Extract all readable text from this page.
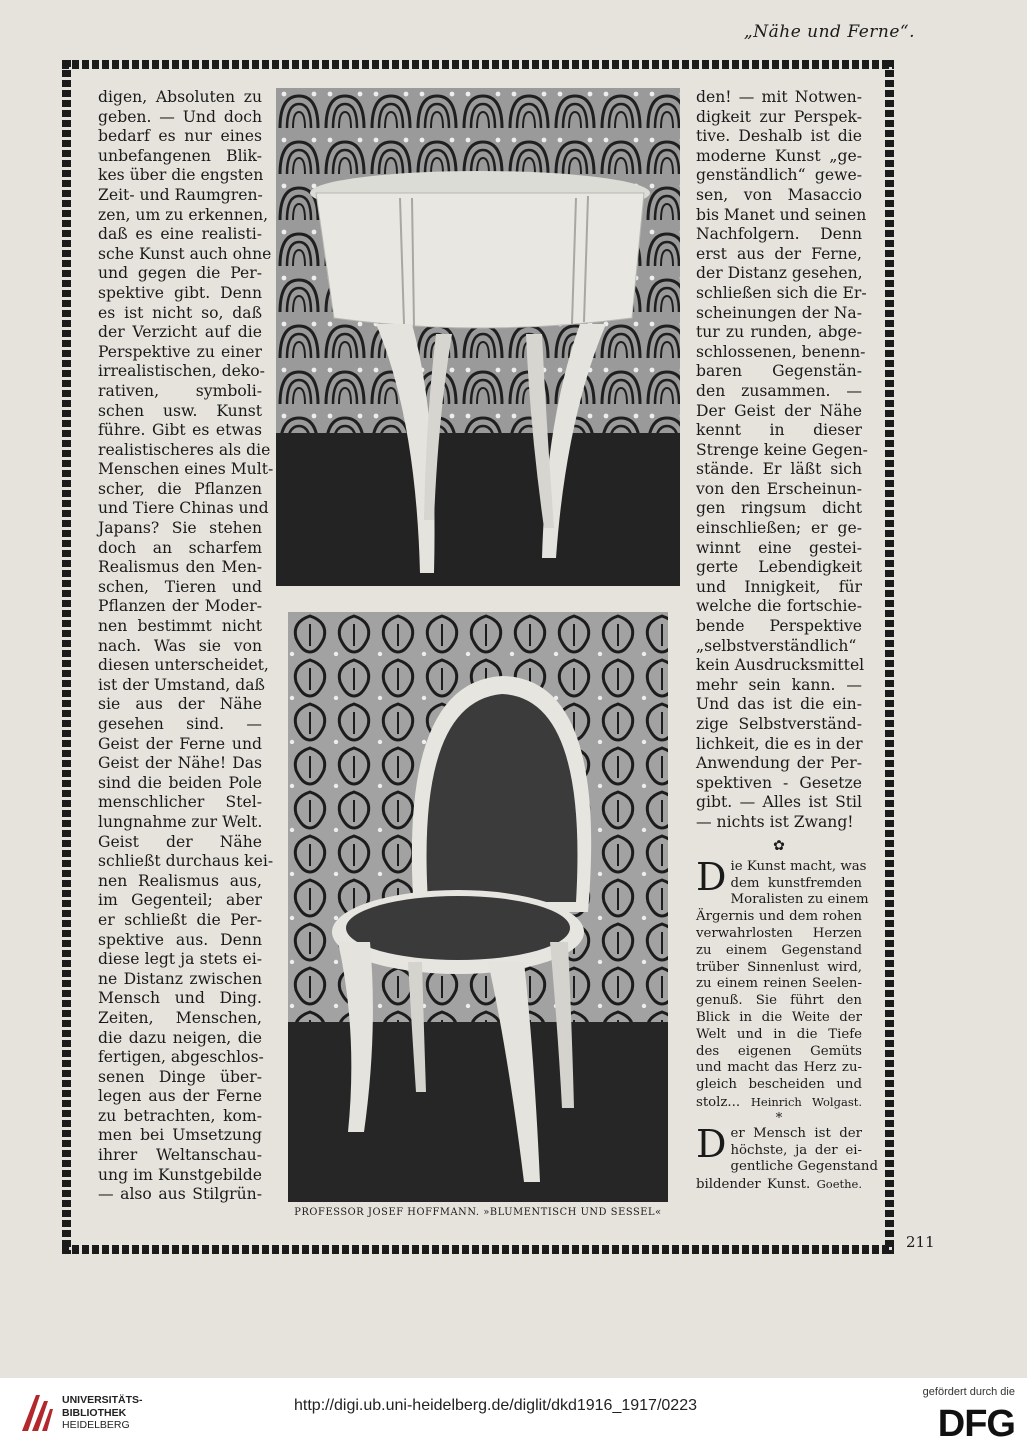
„Nähe und Ferne“.
digen, Absoluten zu
geben. — Und doch
bedarf es nur eines
unbefangenen Blik-
kes über die engsten
Zeit- und Raumgren-
zen, um zu erkennen,
daß es eine realisti-
sche Kunst auch ohne
und gegen die Per-
spektive gibt. Denn
es ist nicht so, daß
der Verzicht auf die
Perspektive zu einer
irrealistischen, deko-
rativen, symboli-
schen usw. Kunst
führe. Gibt es etwas
realistischeres als die
Menschen eines Mult-
scher, die Pflanzen
und Tiere Chinas und
Japans? Sie stehen
doch an scharfem
Realismus den Men-
schen, Tieren und
Pflanzen der Moder-
nen bestimmt nicht
nach. Was sie von
diesen unterscheidet,
ist der Umstand, daß
sie aus der Nähe
gesehen sind. —
Geist der Ferne und
Geist der Nähe! Das
sind die beiden Pole
menschlicher Stel-
lungnahme zur Welt.
Geist der Nähe
schließt durchaus kei-
nen Realismus aus,
im Gegenteil; aber
er schließt die Per-
spektive aus. Denn
diese legt ja stets ei-
ne Distanz zwischen
Mensch und Ding.
Zeiten, Menschen,
die dazu neigen, die
fertigen, abgeschlos-
senen Dinge über-
legen aus der Ferne
zu betrachten, kom-
men bei Umsetzung
ihrer Weltanschau-
ung im Kunstgebilde
— also aus Stilgrün-
den! — mit Notwen-
digkeit zur Perspek-
tive. Deshalb ist die
moderne Kunst „ge-
genständlich“ gewe-
sen, von Masaccio
bis Manet und seinen
Nachfolgern. Denn
erst aus der Ferne,
der Distanz gesehen,
schließen sich die Er-
scheinungen der Na-
tur zu runden, abge-
schlossenen, benenn-
baren Gegenstän-
den zusammen. —
Der Geist der Nähe
kennt in dieser
Strenge keine Gegen-
stände. Er läßt sich
von den Erscheinun-
gen ringsum dicht
einschließen; er ge-
winnt eine gestei-
gerte Lebendigkeit
und Innigkeit, für
welche die fortschie-
bende Perspektive
„selbstverständlich“
kein Ausdrucksmittel
mehr sein kann. —
Und das ist die ein-
zige Selbstverständ-
lichkeit, die es in der
Anwendung der Per-
spektiven - Gesetze
gibt. — Alles ist Stil
— nichts ist Zwang!
✿
D ie Kunst macht, was
dem kunstfremden
Moralisten zu einem
Ärgernis und dem rohen
verwahrlosten Herzen
zu einem Gegenstand
trüber Sinnenlust wird,
zu einem reinen Seelen-
genuß. Sie führt den
Blick in die Weite der
Welt und in die Tiefe
des eigenen Gemüts
und macht das Herz zu-
gleich bescheiden und
stolz... Heinrich Wolgast.
*
D er Mensch ist der
höchste, ja der ei-
gentliche Gegenstand
bildender Kunst. Goethe.
PROFESSOR JOSEF HOFFMANN. »BLUMENTISCH UND SESSEL«
211
UNIVERSITÄTS-
BIBLIOTHEK
HEIDELBERG
http://digi.ub.uni-heidelberg.de/diglit/dkd1916_1917/0223
gefördert durch die
DFG
